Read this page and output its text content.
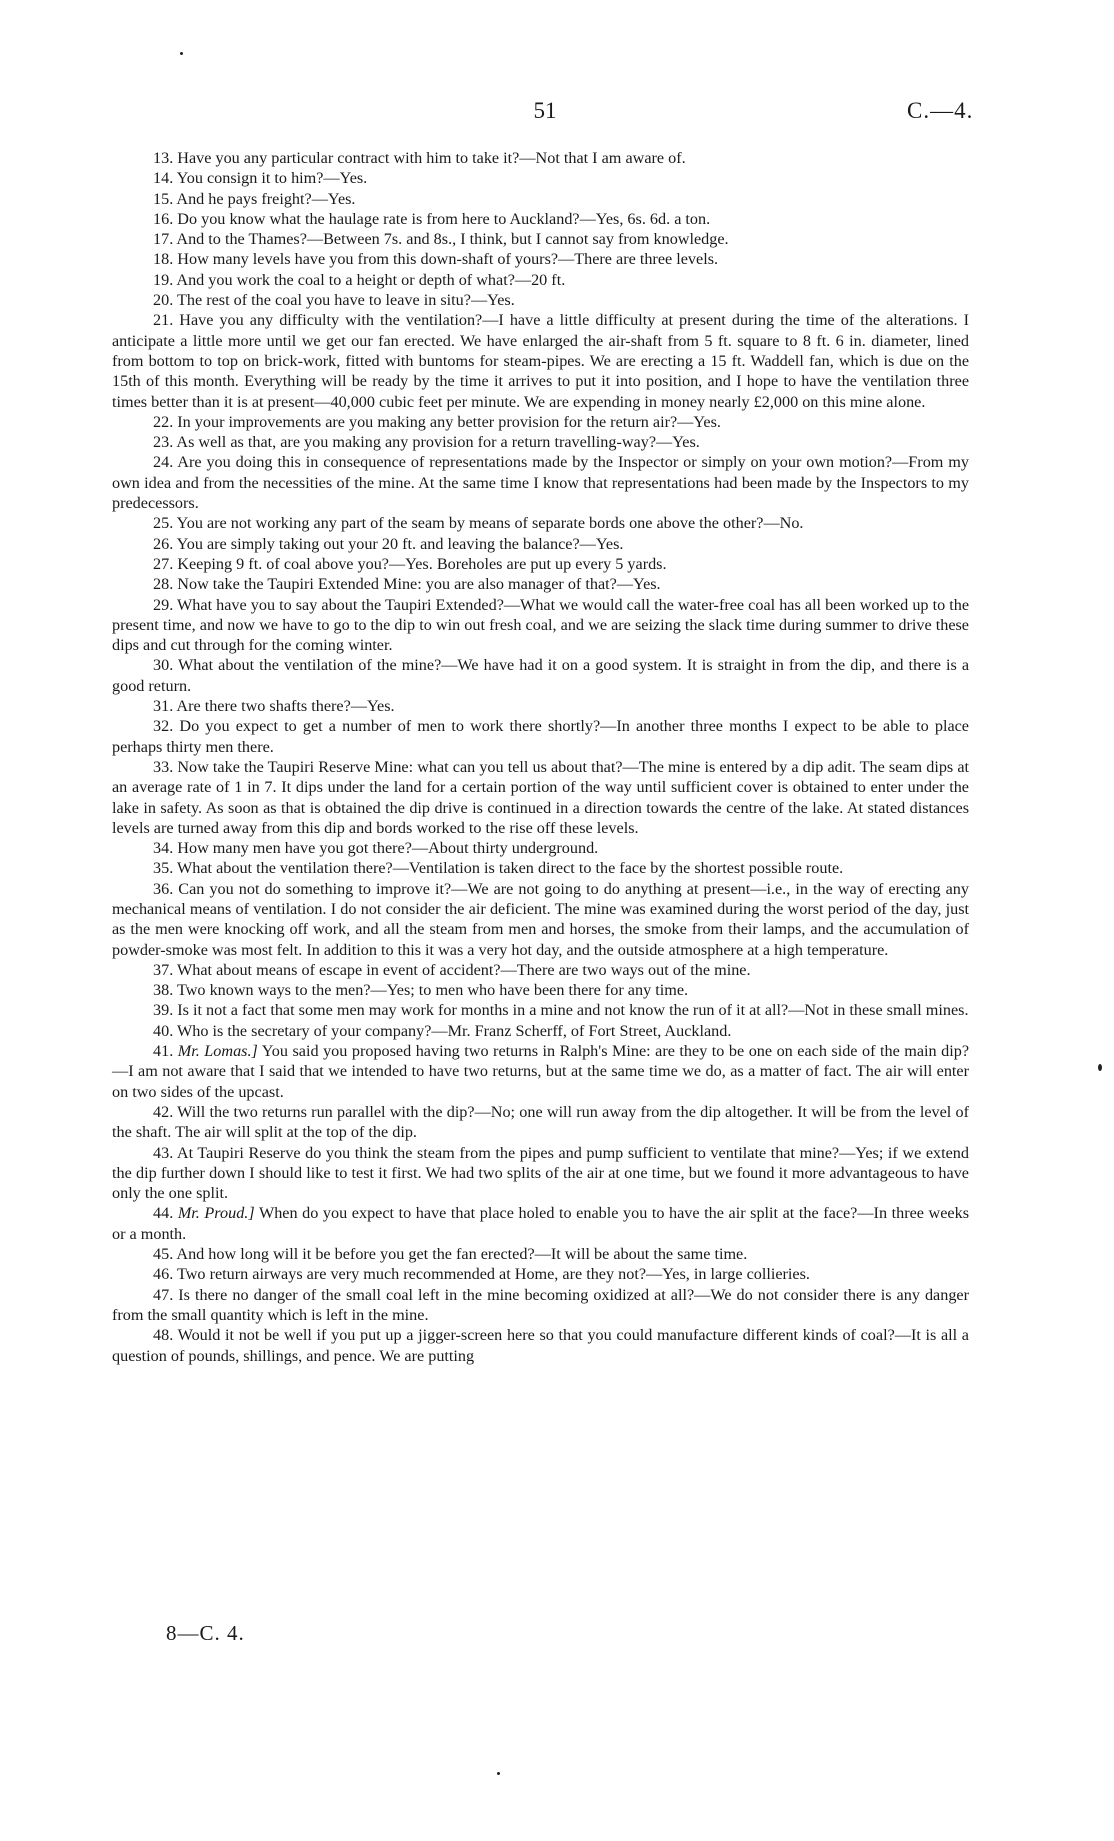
51	C.—4.

13. Have you any particular contract with him to take it?—Not that I am aware of.

14. You consign it to him?—Yes.

15. And he pays freight?—Yes.

16. Do you know what the haulage rate is from here to Auckland?—Yes, 6s. 6d. a ton.

17. And to the Thames?—Between 7s. and 8s., I think, but I cannot say from knowledge.

18. How many levels have you from this down-shaft of yours?—There are three levels.

19. And you work the coal to a height or depth of what?—20 ft.

20. The rest of the coal you have to leave in situ?—Yes.

21. Have you any difficulty with the ventilation?—I have a little difficulty at present during the time of the alterations. I anticipate a little more until we get our fan erected. We have enlarged the air-shaft from 5 ft. square to 8 ft. 6 in. diameter, lined from bottom to top on brick-work, fitted with buntoms for steam-pipes. We are erecting a 15 ft. Waddell fan, which is due on the 15th of this month. Everything will be ready by the time it arrives to put it into position, and I hope to have the ventilation three times better than it is at present—40,000 cubic feet per minute. We are expending in money nearly £2,000 on this mine alone.

22. In your improvements are you making any better provision for the return air?—Yes.

23. As well as that, are you making any provision for a return travelling-way?—Yes.

24. Are you doing this in consequence of representations made by the Inspector or simply on your own motion?—From my own idea and from the necessities of the mine. At the same time I know that representations had been made by the Inspectors to my predecessors.

25. You are not working any part of the seam by means of separate bords one above the other?—No.

26. You are simply taking out your 20 ft. and leaving the balance?—Yes.

27. Keeping 9 ft. of coal above you?—Yes. Boreholes are put up every 5 yards.

28. Now take the Taupiri Extended Mine: you are also manager of that?—Yes.

29. What have you to say about the Taupiri Extended?—What we would call the water-free coal has all been worked up to the present time, and now we have to go to the dip to win out fresh coal, and we are seizing the slack time during summer to drive these dips and cut through for the coming winter.

30. What about the ventilation of the mine?—We have had it on a good system. It is straight in from the dip, and there is a good return.

31. Are there two shafts there?—Yes.

32. Do you expect to get a number of men to work there shortly?—In another three months I expect to be able to place perhaps thirty men there.

33. Now take the Taupiri Reserve Mine: what can you tell us about that?—The mine is entered by a dip adit. The seam dips at an average rate of 1 in 7. It dips under the land for a certain portion of the way until sufficient cover is obtained to enter under the lake in safety. As soon as that is obtained the dip drive is continued in a direction towards the centre of the lake. At stated distances levels are turned away from this dip and bords worked to the rise off these levels.

34. How many men have you got there?—About thirty underground.

35. What about the ventilation there?—Ventilation is taken direct to the face by the shortest possible route.

36. Can you not do something to improve it?—We are not going to do anything at present—i.e., in the way of erecting any mechanical means of ventilation. I do not consider the air deficient. The mine was examined during the worst period of the day, just as the men were knocking off work, and all the steam from men and horses, the smoke from their lamps, and the accumulation of powder-smoke was most felt. In addition to this it was a very hot day, and the outside atmosphere at a high temperature.

37. What about means of escape in event of accident?—There are two ways out of the mine.

38. Two known ways to the men?—Yes; to men who have been there for any time.

39. Is it not a fact that some men may work for months in a mine and not know the run of it at all?—Not in these small mines.

40. Who is the secretary of your company?—Mr. Franz Scherff, of Fort Street, Auckland.

41. Mr. Lomas.] You said you proposed having two returns in Ralph's Mine: are they to be one on each side of the main dip?—I am not aware that I said that we intended to have two returns, but at the same time we do, as a matter of fact. The air will enter on two sides of the upcast.

42. Will the two returns run parallel with the dip?—No; one will run away from the dip altogether. It will be from the level of the shaft. The air will split at the top of the dip.

43. At Taupiri Reserve do you think the steam from the pipes and pump sufficient to ventilate that mine?—Yes; if we extend the dip further down I should like to test it first. We had two splits of the air at one time, but we found it more advantageous to have only the one split.

44. Mr. Proud.] When do you expect to have that place holed to enable you to have the air split at the face?—In three weeks or a month.

45. And how long will it be before you get the fan erected?—It will be about the same time.

46. Two return airways are very much recommended at Home, are they not?—Yes, in large collieries.

47. Is there no danger of the small coal left in the mine becoming oxidized at all?—We do not consider there is any danger from the small quantity which is left in the mine.

48. Would it not be well if you put up a jigger-screen here so that you could manufacture different kinds of coal?—It is all a question of pounds, shillings, and pence. We are putting

8—C. 4.
